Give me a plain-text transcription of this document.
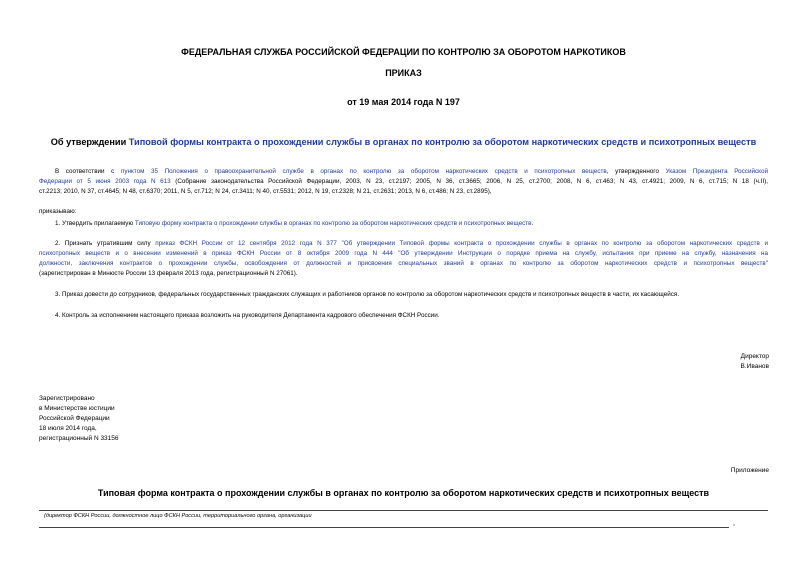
ФЕДЕРАЛЬНАЯ СЛУЖБА РОССИЙСКОЙ ФЕДЕРАЦИИ ПО КОНТРОЛЮ ЗА ОБОРОТОМ НАРКОТИКОВ
ПРИКАЗ
от 19 мая 2014 года N 197
Об утверждении Типовой формы контракта о прохождении службы в органах по контролю за оборотом наркотических средств и психотропных веществ
В соответствии с пунктом 35 Положения о правоохранительной службе в органах по контролю за оборотом наркотических средств и психотропных веществ, утвержденного Указом Президента Российской
Федерации от 5 июня 2003 года N 613 (Собрание законодательства Российской Федерации, 2003, N 23, ст.2197; 2005, N 36, ст.3665; 2006, N 25, ст.2700; 2008, N 6, ст.463; N 43, ст.4921; 2009, N 6, ст.715; N 18 (ч.II),
ст.2213; 2010, N 37, ст.4645; N 48, ст.6370; 2011, N 5, ст.712; N 24, ст.3411; N 40, ст.5531; 2012, N 19, ст.2328; N 21, ст.2631; 2013, N 6, ст.486; N 23, ст.2895),
приказываю:
1. Утвердить прилагаемую Типовую форму контракта о прохождении службы в органах по контролю за оборотом наркотических средств и психотропных веществ.
2. Признать утратившим силу приказ ФСКН России от 12 сентября 2012 года N 377 "Об утверждении Типовой формы контракта о прохождении службы в органах по контролю за оборотом наркотических средств и
психотропных веществ и о внесении изменений в приказ ФСКН России от 8 октября 2009 года N 444 "Об утверждении Инструкции о порядке приема на службу, испытания при приеме на службу, назначения на
должности, заключения контрактов о прохождении службы, освобождения от должностей и присвоения специальных званий в органах по контролю за оборотом наркотических средств и психотропных веществ"
(зарегистрирован в Минюсте России 13 февраля 2013 года, регистрационный N 27061).
3. Приказ довести до сотрудников, федеральных государственных гражданских служащих и работников органов по контролю за оборотом наркотических средств и психотропных веществ в части, их касающейся.
4. Контроль за исполнением настоящего приказа возложить на руководителя Департамента кадрового обеспечения ФСКН России.
Директор
В.Иванов
Зарегистрировано
в Министерстве юстиции
Российской Федерации
18 июля 2014 года,
регистрационный N 33156
Приложение
Типовая форма контракта о прохождении службы в органах по контролю за оборотом наркотических средств и психотропных веществ
(директор ФСКН России, должностное лицо ФСКН России, территориального органа, организации
,
